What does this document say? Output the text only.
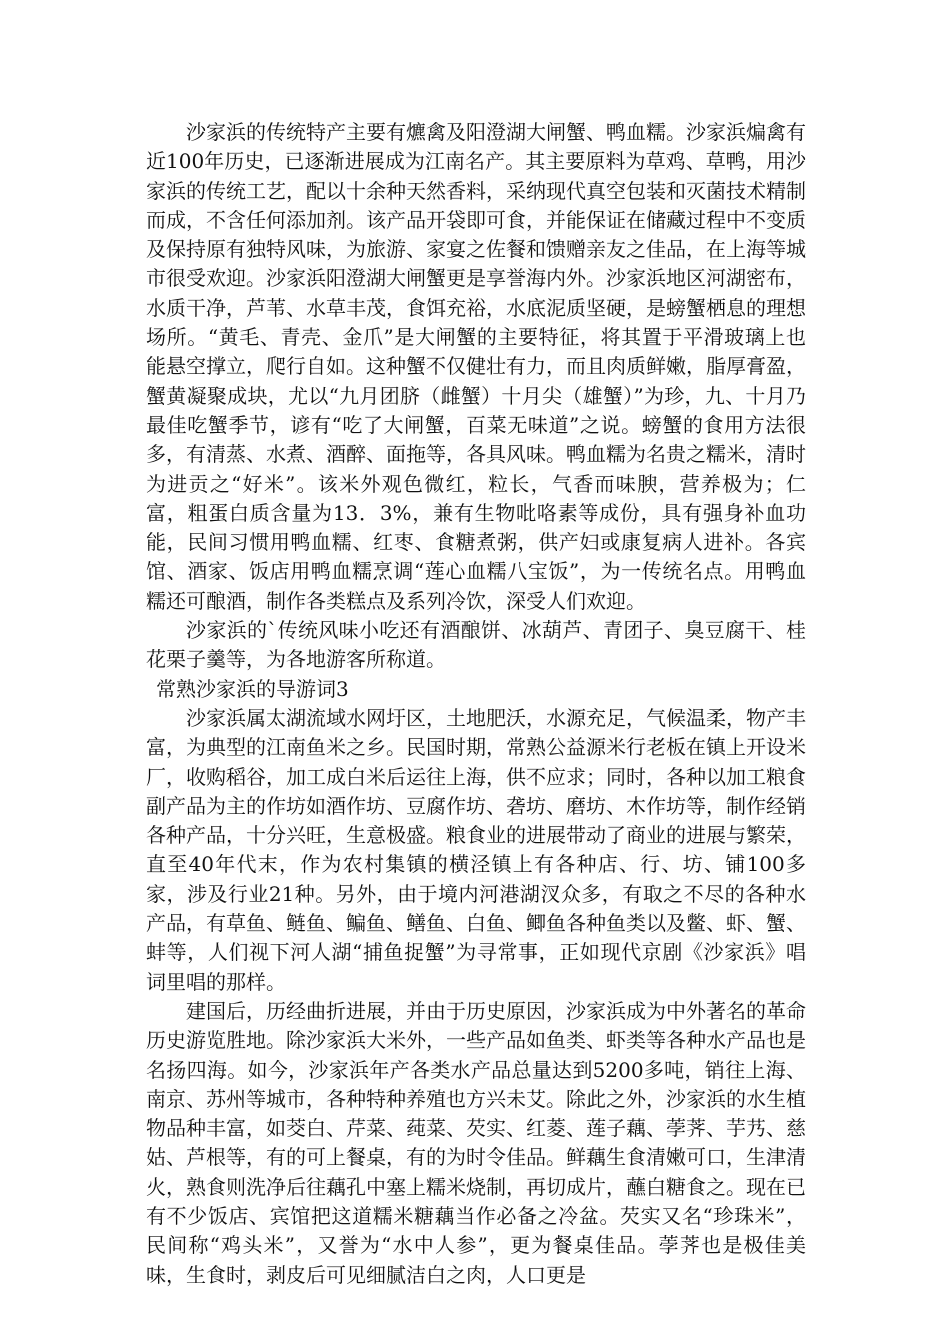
沙家浜的传统特产主要有爊禽及阳澄湖大闸蟹、鸭血糯。沙家浜煸禽有近100年历史，已逐渐进展成为江南名产。其主要原料为草鸡、草鸭，用沙家浜的传统工艺，配以十余种天然香料，采纳现代真空包装和灭菌技术精制而成，不含任何添加剂。该产品开袋即可食，并能保证在储藏过程中不变质及保持原有独特风味，为旅游、家宴之佐餐和馈赠亲友之佳品，在上海等城市很受欢迎。沙家浜阳澄湖大闸蟹更是享誉海内外。沙家浜地区河湖密布，水质干净，芦苇、水草丰茂，食饵充裕，水底泥质坚硬，是螃蟹栖息的理想场所。“黄毛、青壳、金爪”是大闸蟹的主要特征，将其置于平滑玻璃上也能悬空撑立，爬行自如。这种蟹不仅健壮有力，而且肉质鲜嫩，脂厚膏盈，蟹黄凝聚成块，尤以“九月团脐（雌蟹）十月尖（雄蟹）”为珍，九、十月乃最佳吃蟹季节，谚有“吃了大闸蟹，百菜无味道”之说。螃蟹的食用方法很多，有清蒸、水煮、酒醉、面拖等，各具风味。鸭血糯为名贵之糯米，清时为进贡之“好米”。该米外观色微红，粒长，气香而味腴，营养极为；仁富，粗蛋白质含量为13．3%，兼有生物吡咯素等成份，具有强身补血功能，民间习惯用鸭血糯、红枣、食糖煮粥，供产妇或康复病人进补。各宾馆、酒家、饭店用鸭血糯烹调“莲心血糯八宝饭”，为一传统名点。用鸭血糯还可酿酒，制作各类糕点及系列冷饮，深受人们欢迎。

沙家浜的`传统风味小吃还有酒酿饼、冰葫芦、青团子、臭豆腐干、桂花栗子羹等，为各地游客所称道。

常熟沙家浜的导游词3

沙家浜属太湖流域水网圩区，土地肥沃，水源充足，气候温柔，物产丰富，为典型的江南鱼米之乡。民国时期，常熟公益源米行老板在镇上开设米厂，收购稻谷，加工成白米后运往上海，供不应求；同时，各种以加工粮食副产品为主的作坊如酒作坊、豆腐作坊、砻坊、磨坊、木作坊等，制作经销各种产品，十分兴旺，生意极盛。粮食业的进展带动了商业的进展与繁荣，直至40年代末，作为农村集镇的横泾镇上有各种店、行、坊、铺100多家，涉及行业21种。另外，由于境内河港湖汊众多，有取之不尽的各种水产品，有草鱼、鲢鱼、鳊鱼、鳝鱼、白鱼、鲫鱼各种鱼类以及鳖、虾、蟹、蚌等，人们视下河人湖“捕鱼捉蟹”为寻常事，正如现代京剧《沙家浜》唱词里唱的那样。

建国后，历经曲折进展，并由于历史原因，沙家浜成为中外著名的革命历史游览胜地。除沙家浜大米外，一些产品如鱼类、虾类等各种水产品也是名扬四海。如今，沙家浜年产各类水产品总量达到5200多吨，销往上海、南京、苏州等城市，各种特种养殖也方兴未艾。除此之外，沙家浜的水生植物品种丰富，如茭白、芹菜、莼菜、芡实、红菱、莲子藕、荸荠、芋艿、慈姑、芦根等，有的可上餐桌，有的为时令佳品。鲜藕生食清嫩可口，生津清火，熟食则洗净后往藕孔中塞上糯米烧制，再切成片，蘸白糖食之。现在已有不少饭店、宾馆把这道糯米糖藕当作必备之冷盆。芡实又名“珍珠米”，民间称“鸡头米”，又誉为“水中人参”，更为餐桌佳品。荸荠也是极佳美味，生食时，剥皮后可见细腻洁白之肉，人口更是
